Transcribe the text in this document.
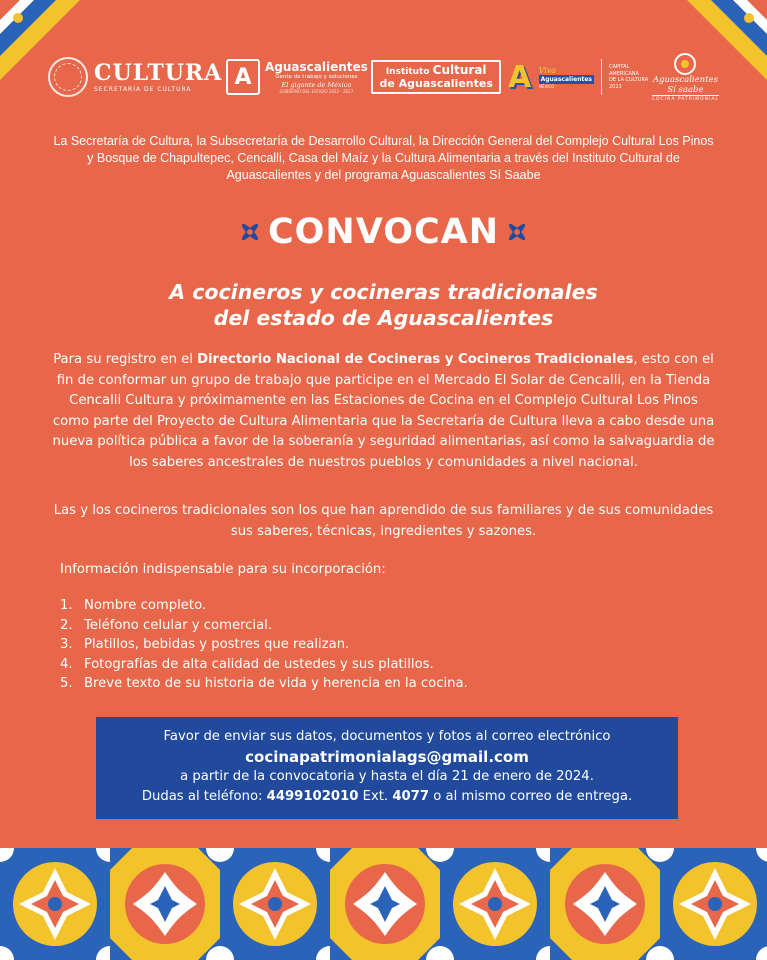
CULTURA
SECRETARÍA DE CULTURA	A	Aguascalientes
Gente de trabajo y soluciones
El gigante de México
GOBIERNO DEL ESTADO 2022 - 2027
Instituto Cultural
de Aguascalientes A Viva
Aguascalientes
MÉXICO
CAPITAL
AMERICANA
DE LA CULTURA
2023
Aguascalientes
Sí saabe
COCINA PATRIMONIAL
La Secretaría de Cultura, la Subsecretaría de Desarrollo Cultural, la Dirección General del Complejo Cultural Los Pinos y Bosque de Chapultepec, Cencalli, Casa del Maíz y la Cultura Alimentaria a través del Instituto Cultural de Aguascalientes y del programa Aguascalientes Sí Saabe
CONVOCAN
A cocineros y cocineras tradicionales
del estado de Aguascalientes
Para su registro en el Directorio Nacional de Cocineras y Cocineros Tradicionales, esto con el fin de conformar un grupo de trabajo que participe en el Mercado El Solar de Cencalli, en la Tienda Cencalli Cultura y próximamente en las Estaciones de Cocina en el Complejo Cultural Los Pinos como parte del Proyecto de Cultura Alimentaria que la Secretaría de Cultura lleva a cabo desde una nueva política pública a favor de la soberanía y seguridad alimentarias, así como la salvaguardia de los saberes ancestrales de nuestros pueblos y comunidades a nivel nacional.
Las y los cocineros tradicionales son los que han aprendido de sus familiares y de sus comunidades sus saberes, técnicas, ingredientes y sazones.
Información indispensable para su incorporación:
1. Nombre completo.
2. Teléfono celular y comercial.
3. Platillos, bebidas y postres que realizan.
4. Fotografías de alta calidad de ustedes y sus platillos.
5. Breve texto de su historia de vida y herencia en la cocina.
Favor de enviar sus datos, documentos y fotos al correo electrónico
cocinapatrimonialags@gmail.com
a partir de la convocatoria y hasta el día 21 de enero de 2024.
Dudas al teléfono: 4499102010 Ext. 4077 o al mismo correo de entrega.
